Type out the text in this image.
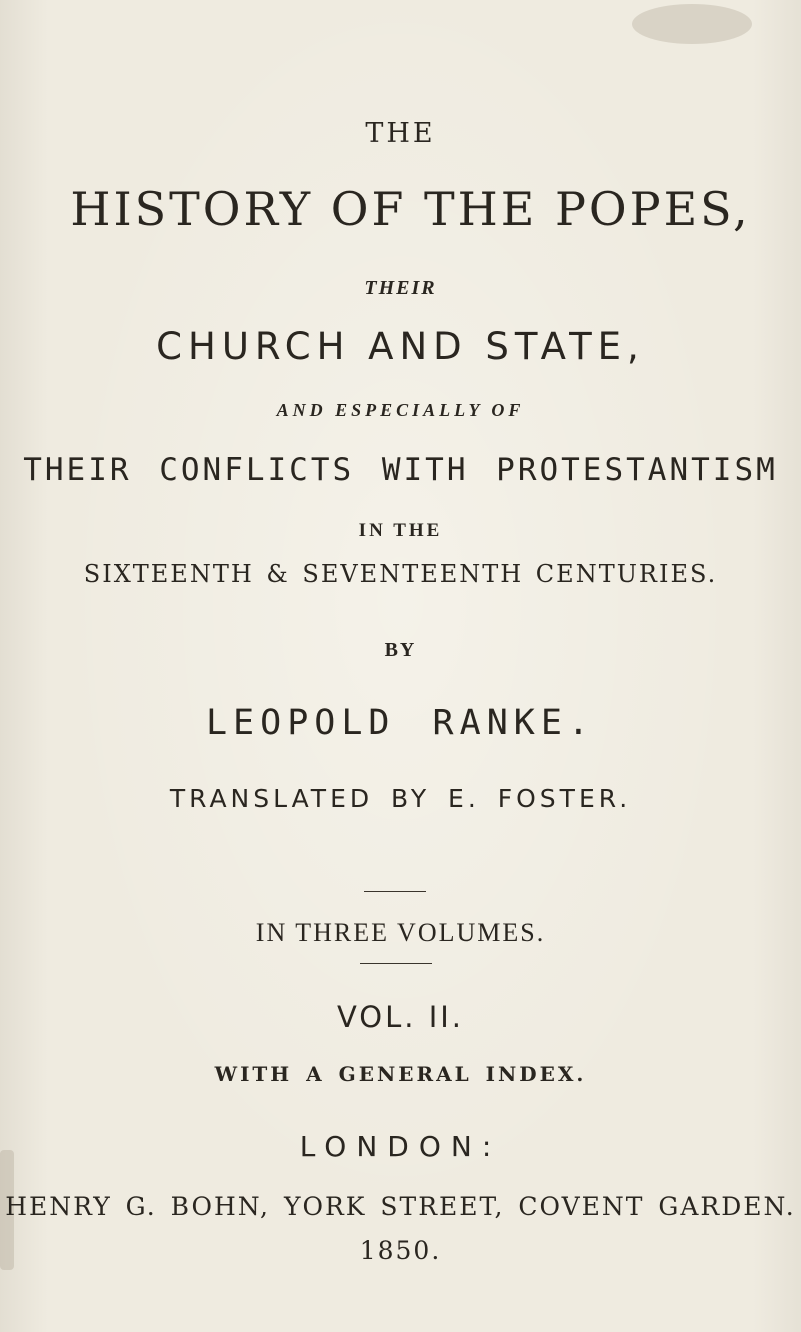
THE
HISTORY OF THE POPES,
THEIR
CHURCH AND STATE,
AND ESPECIALLY OF
THEIR CONFLICTS WITH PROTESTANTISM
IN THE
SIXTEENTH & SEVENTEENTH CENTURIES.
BY
LEOPOLD RANKE.
TRANSLATED BY E. FOSTER.
IN THREE VOLUMES.
VOL. II.
WITH A GENERAL INDEX.
LONDON:
HENRY G. BOHN, YORK STREET, COVENT GARDEN.
1850.
